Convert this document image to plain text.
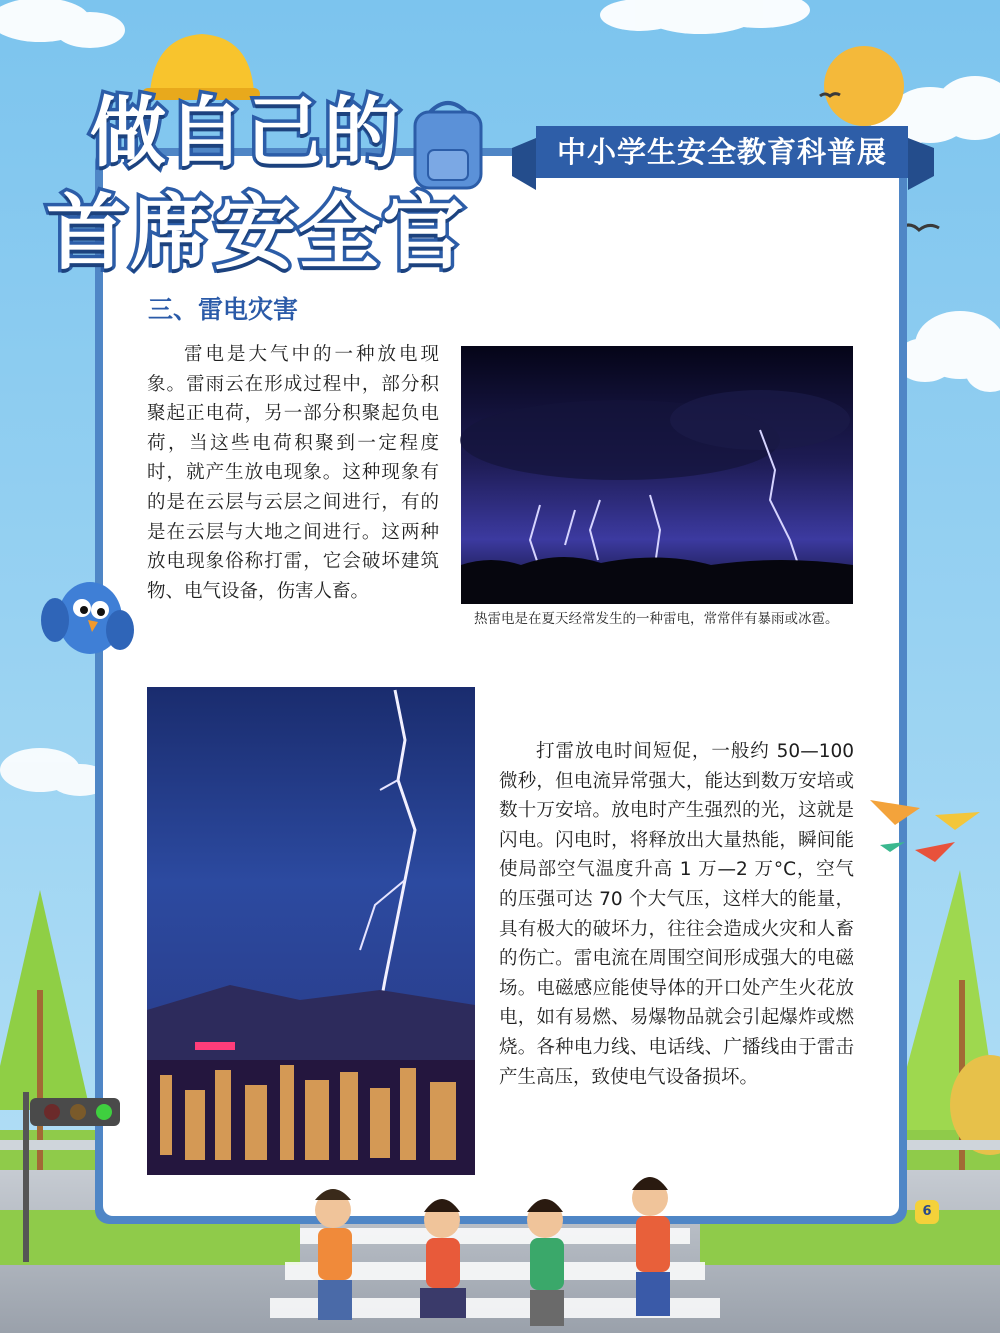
做自己的
首席安全官
中小学生安全教育科普展
三、雷电灾害
雷电是大气中的一种放电现象。雷雨云在形成过程中，部分积聚起正电荷，另一部分积聚起负电荷，当这些电荷积聚到一定程度时，就产生放电现象。这种现象有的是在云层与云层之间进行，有的是在云层与大地之间进行。这两种放电现象俗称打雷，它会破坏建筑物、电气设备，伤害人畜。
热雷电是在夏天经常发生的一种雷电，常常伴有暴雨或冰雹。
打雷放电时间短促，一般约 50—100 微秒，但电流异常强大，能达到数万安培或数十万安培。放电时产生强烈的光，这就是闪电。闪电时，将释放出大量热能，瞬间能使局部空气温度升高 1 万—2 万°C，空气的压强可达 70 个大气压，这样大的能量，具有极大的破坏力，往往会造成火灾和人畜的伤亡。雷电流在周围空间形成强大的电磁场。电磁感应能使导体的开口处产生火花放电，如有易燃、易爆物品就会引起爆炸或燃烧。各种电力线、电话线、广播线由于雷击产生高压，致使电气设备损坏。
6
